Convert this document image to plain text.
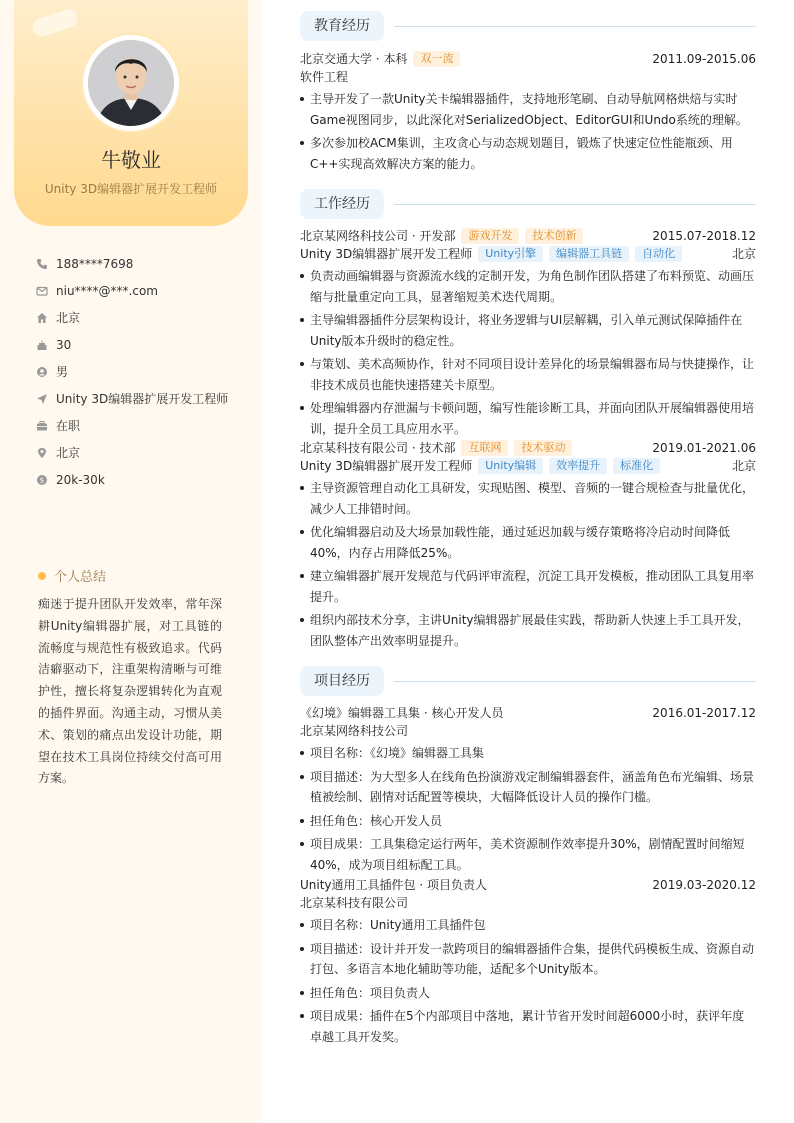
牛敬业
Unity 3D编辑器扩展开发工程师
188****7698
niu****@***.com
北京
30
男
Unity 3D编辑器扩展开发工程师
在职
北京
$ 20k-30k
个人总结
痴迷于提升团队开发效率，常年深耕Unity编辑器扩展，对工具链的流畅度与规范性有极致追求。代码洁癖驱动下，注重架构清晰与可维护性，擅长将复杂逻辑转化为直观的插件界面。沟通主动，习惯从美术、策划的痛点出发设计功能，期望在技术工具岗位持续交付高可用方案。
教育经历
北京交通大学 · 本科	双一流	2011.09-2015.06
软件工程
主导开发了一款Unity关卡编辑器插件，支持地形笔刷、自动导航网格烘焙与实时Game视图同步，以此深化对SerializedObject、EditorGUI和Undo系统的理解。
多次参加校ACM集训，主攻贪心与动态规划题目，锻炼了快速定位性能瓶颈、用C++实现高效解决方案的能力。
工作经历
北京某网络科技公司 · 开发部	游戏开发	技术创新	2015.07-2018.12
Unity 3D编辑器扩展开发工程师	Unity引擎	编辑器工具链	自动化	北京
负责动画编辑器与资源流水线的定制开发，为角色制作团队搭建了布料预览、动画压缩与批量重定向工具，显著缩短美术迭代周期。
主导编辑器插件分层架构设计，将业务逻辑与UI层解耦，引入单元测试保障插件在Unity版本升级时的稳定性。
与策划、美术高频协作，针对不同项目设计差异化的场景编辑器布局与快捷操作，让非技术成员也能快速搭建关卡原型。
处理编辑器内存泄漏与卡顿问题，编写性能诊断工具，并面向团队开展编辑器使用培训，提升全员工具应用水平。
北京某科技有限公司 · 技术部	互联网	技术驱动	2019.01-2021.06
Unity 3D编辑器扩展开发工程师	Unity编辑	效率提升	标准化	北京
主导资源管理自动化工具研发，实现贴图、模型、音频的一键合规检查与批量优化，减少人工排错时间。
优化编辑器启动及大场景加载性能，通过延迟加载与缓存策略将冷启动时间降低40%，内存占用降低25%。
建立编辑器扩展开发规范与代码评审流程，沉淀工具开发模板，推动团队工具复用率提升。
组织内部技术分享，主讲Unity编辑器扩展最佳实践，帮助新人快速上手工具开发，团队整体产出效率明显提升。
项目经历
《幻境》编辑器工具集 · 核心开发人员	2016.01-2017.12
北京某网络科技公司
项目名称：《幻境》编辑器工具集
项目描述：为大型多人在线角色扮演游戏定制编辑器套件，涵盖角色布光编辑、场景植被绘制、剧情对话配置等模块，大幅降低设计人员的操作门槛。
担任角色：核心开发人员
项目成果：工具集稳定运行两年，美术资源制作效率提升30%，剧情配置时间缩短40%，成为项目组标配工具。
Unity通用工具插件包 · 项目负责人	2019.03-2020.12
北京某科技有限公司
项目名称：Unity通用工具插件包
项目描述：设计并开发一款跨项目的编辑器插件合集，提供代码模板生成、资源自动打包、多语言本地化辅助等功能，适配多个Unity版本。
担任角色：项目负责人
项目成果：插件在5个内部项目中落地，累计节省开发时间超6000小时，获评年度卓越工具开发奖。
